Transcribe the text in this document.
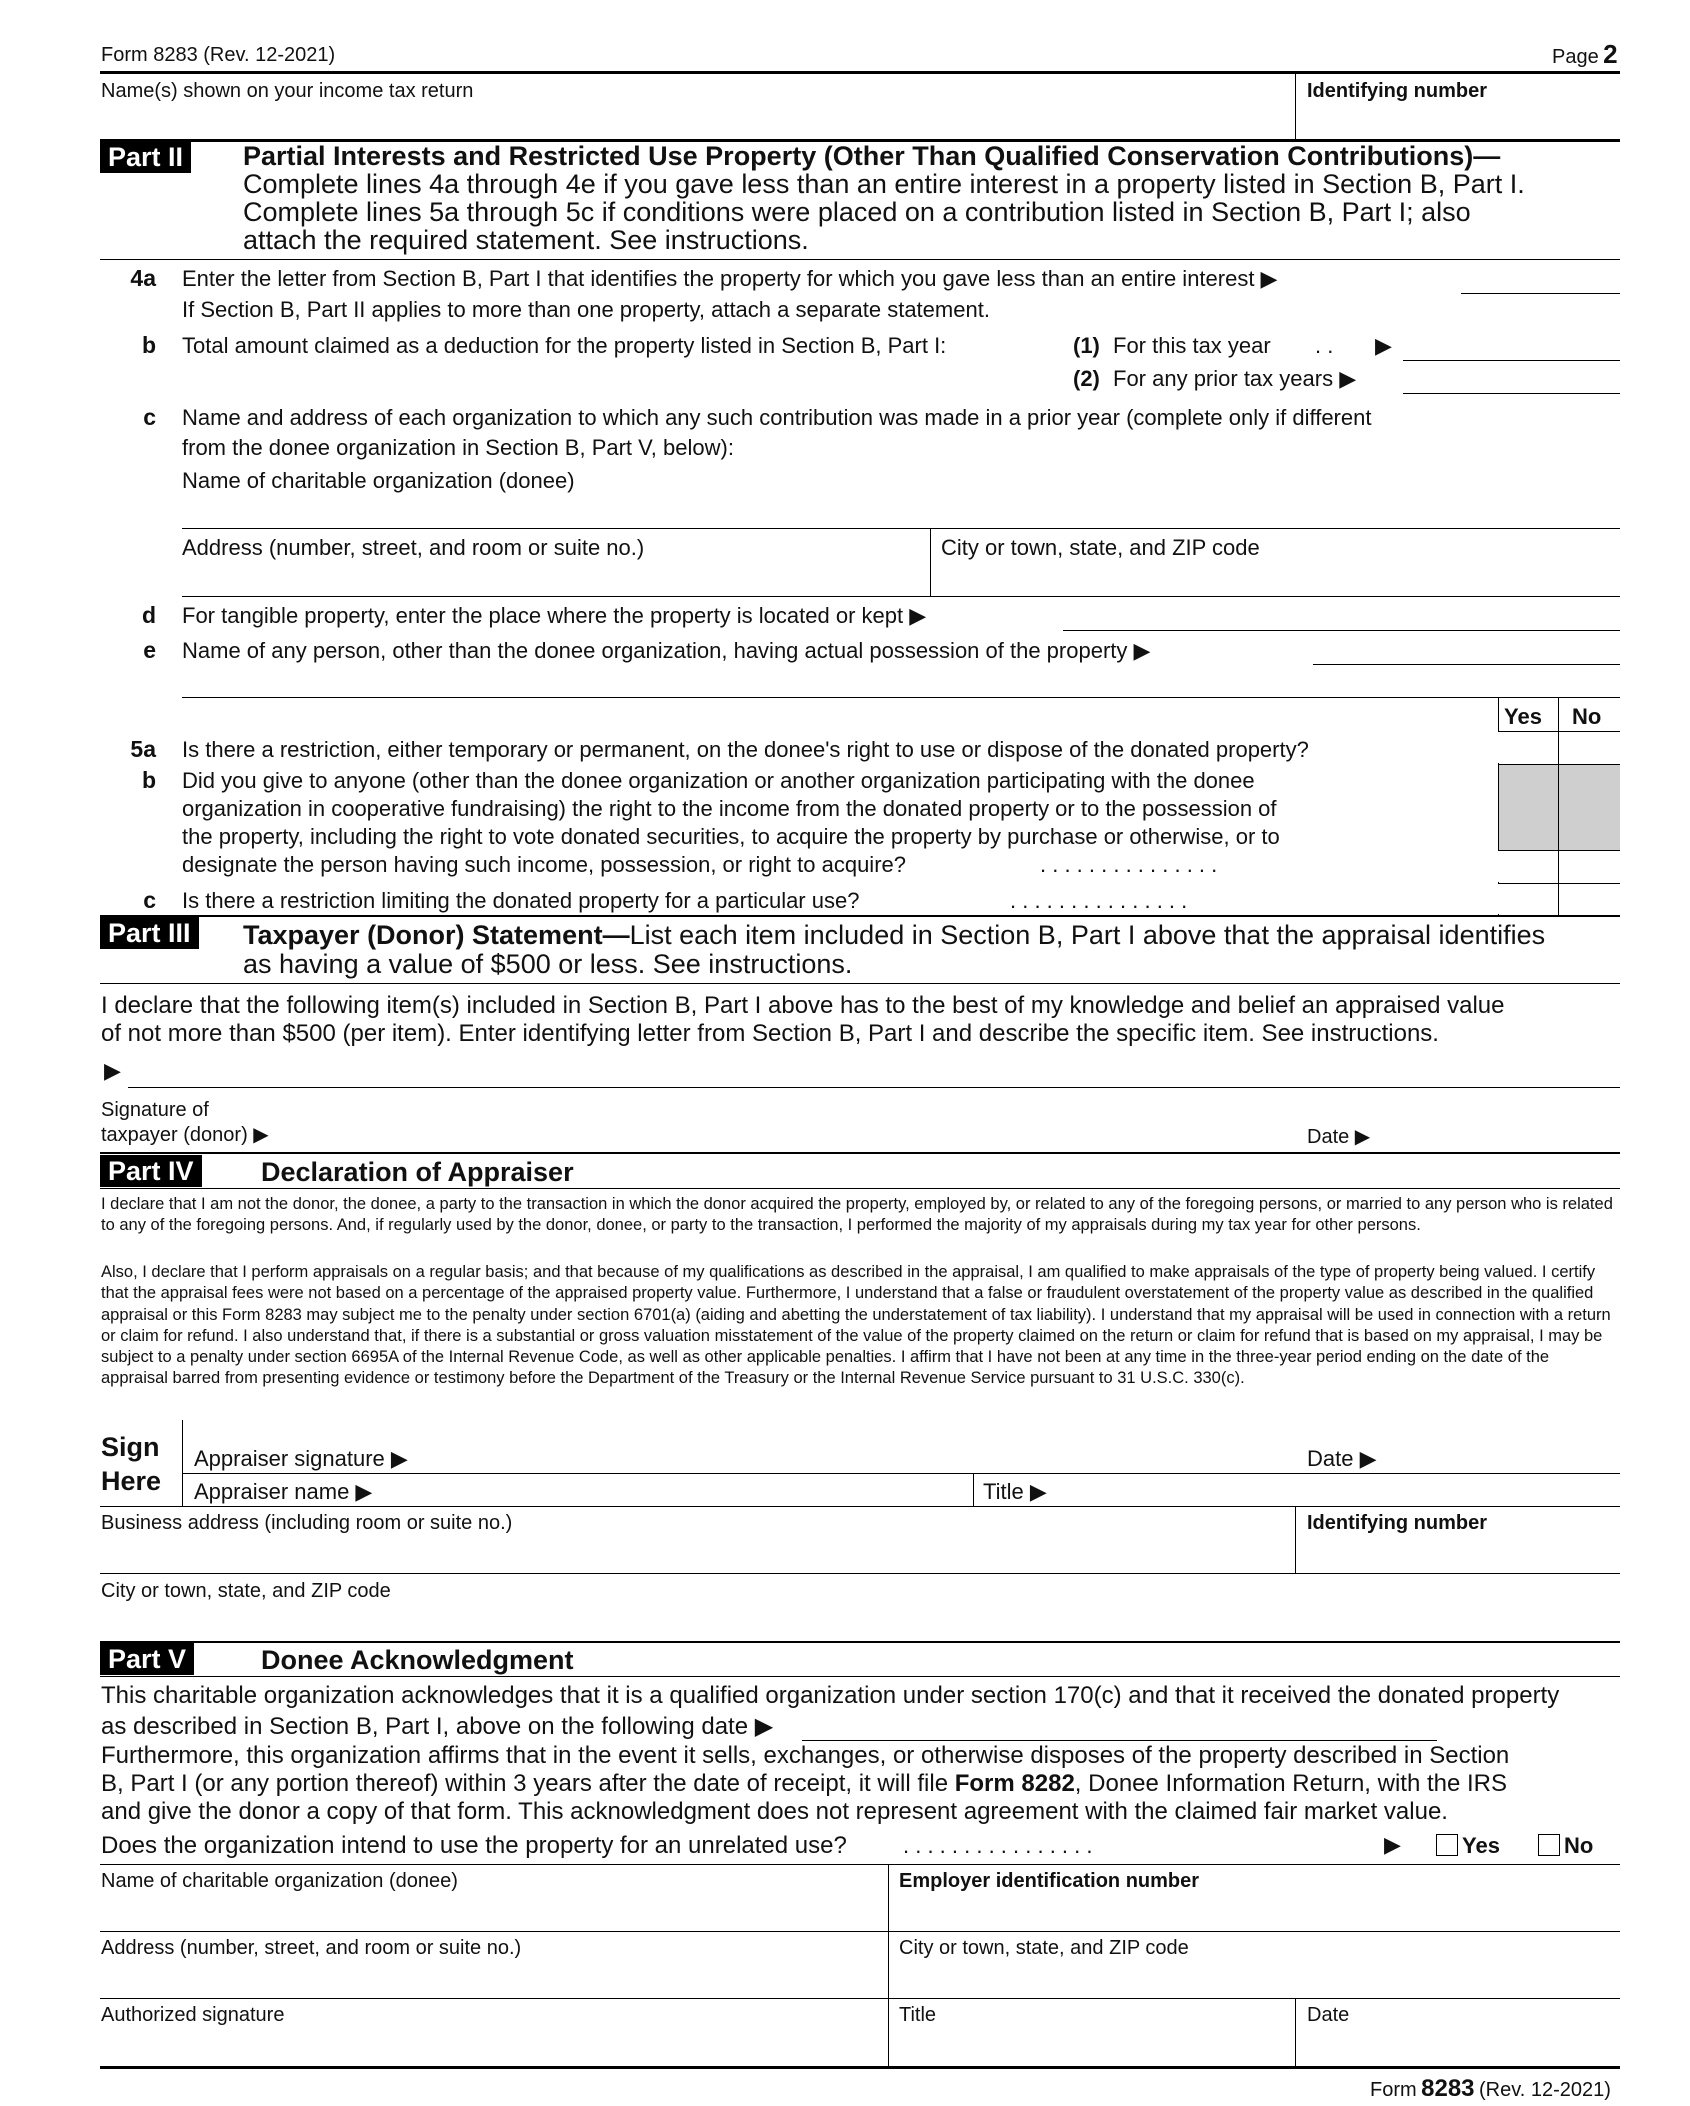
Form 8283 (Rev. 12-2021)	Page 2
Name(s) shown on your income tax return	Identifying number
Part II Partial Interests and Restricted Use Property (Other Than Qualified Conservation Contributions)—
Complete lines 4a through 4e if you gave less than an entire interest in a property listed in Section B, Part I.
Complete lines 5a through 5c if conditions were placed on a contribution listed in Section B, Part I; also
attach the required statement. See instructions.
4a Enter the letter from Section B, Part I that identifies the property for which you gave less than an entire interest ▶
If Section B, Part II applies to more than one property, attach a separate statement.
b Total amount claimed as a deduction for the property listed in Section B, Part I:	(1) For this tax year . . ▶
(2) For any prior tax years ▶
c Name and address of each organization to which any such contribution was made in a prior year (complete only if different
from the donee organization in Section B, Part V, below):
Name of charitable organization (donee)
Address (number, street, and room or suite no.)	City or town, state, and ZIP code
d For tangible property, enter the place where the property is located or kept ▶
e Name of any person, other than the donee organization, having actual possession of the property ▶
Yes No
5a Is there a restriction, either temporary or permanent, on the donee's right to use or dispose of the donated property?
b Did you give to anyone (other than the donee organization or another organization participating with the donee
organization in cooperative fundraising) the right to the income from the donated property or to the possession of
the property, including the right to vote donated securities, to acquire the property by purchase or otherwise, or to
designate the person having such income, possession, or right to acquire?	. . . . . . . . . . . . . . .
c Is there a restriction limiting the donated property for a particular use?	. . . . . . . . . . . . . . .
Part III Taxpayer (Donor) Statement—List each item included in Section B, Part I above that the appraisal identifies
as having a value of $500 or less. See instructions.
I declare that the following item(s) included in Section B, Part I above has to the best of my knowledge and belief an appraised value
of not more than $500 (per item). Enter identifying letter from Section B, Part I and describe the specific item. See instructions.
▶
Signature of
taxpayer (donor) ▶	Date ▶
Part IV Declaration of Appraiser
I declare that I am not the donor, the donee, a party to the transaction in which the donor acquired the property, employed by, or related to any of the foregoing persons, or married to any person who is related to any of the foregoing persons. And, if regularly used by the donor, donee, or party to the transaction, I performed the majority of my appraisals during my tax year for other persons.
Also, I declare that I perform appraisals on a regular basis; and that because of my qualifications as described in the appraisal, I am qualified to make appraisals of the type of property being valued. I certify that the appraisal fees were not based on a percentage of the appraised property value. Furthermore, I understand that a false or fraudulent overstatement of the property value as described in the qualified appraisal or this Form 8283 may subject me to the penalty under section 6701(a) (aiding and abetting the understatement of tax liability). I understand that my appraisal will be used in connection with a return or claim for refund. I also understand that, if there is a substantial or gross valuation misstatement of the value of the property claimed on the return or claim for refund that is based on my appraisal, I may be subject to a penalty under section 6695A of the Internal Revenue Code, as well as other applicable penalties. I affirm that I have not been at any time in the three-year period ending on the date of the appraisal barred from presenting evidence or testimony before the Department of the Treasury or the Internal Revenue Service pursuant to 31 U.S.C. 330(c).
Sign
Here
Appraiser signature ▶	Date ▶
Appraiser name ▶	Title ▶
Business address (including room or suite no.)	Identifying number
City or town, state, and ZIP code
Part V	Donee Acknowledgment
This charitable organization acknowledges that it is a qualified organization under section 170(c) and that it received the donated property
as described in Section B, Part I, above on the following date ▶
Furthermore, this organization affirms that in the event it sells, exchanges, or otherwise disposes of the property described in Section
B, Part I (or any portion thereof) within 3 years after the date of receipt, it will file Form 8282, Donee Information Return, with the IRS
and give the donor a copy of that form. This acknowledgment does not represent agreement with the claimed fair market value.
Does the organization intend to use the property for an unrelated use?	. . . . . . . . . . . . . . . .	▶	Yes	No
Name of charitable organization (donee)	Employer identification number
Address (number, street, and room or suite no.)	City or town, state, and ZIP code
Authorized signature	Title	Date
Form 8283 (Rev. 12-2021)
